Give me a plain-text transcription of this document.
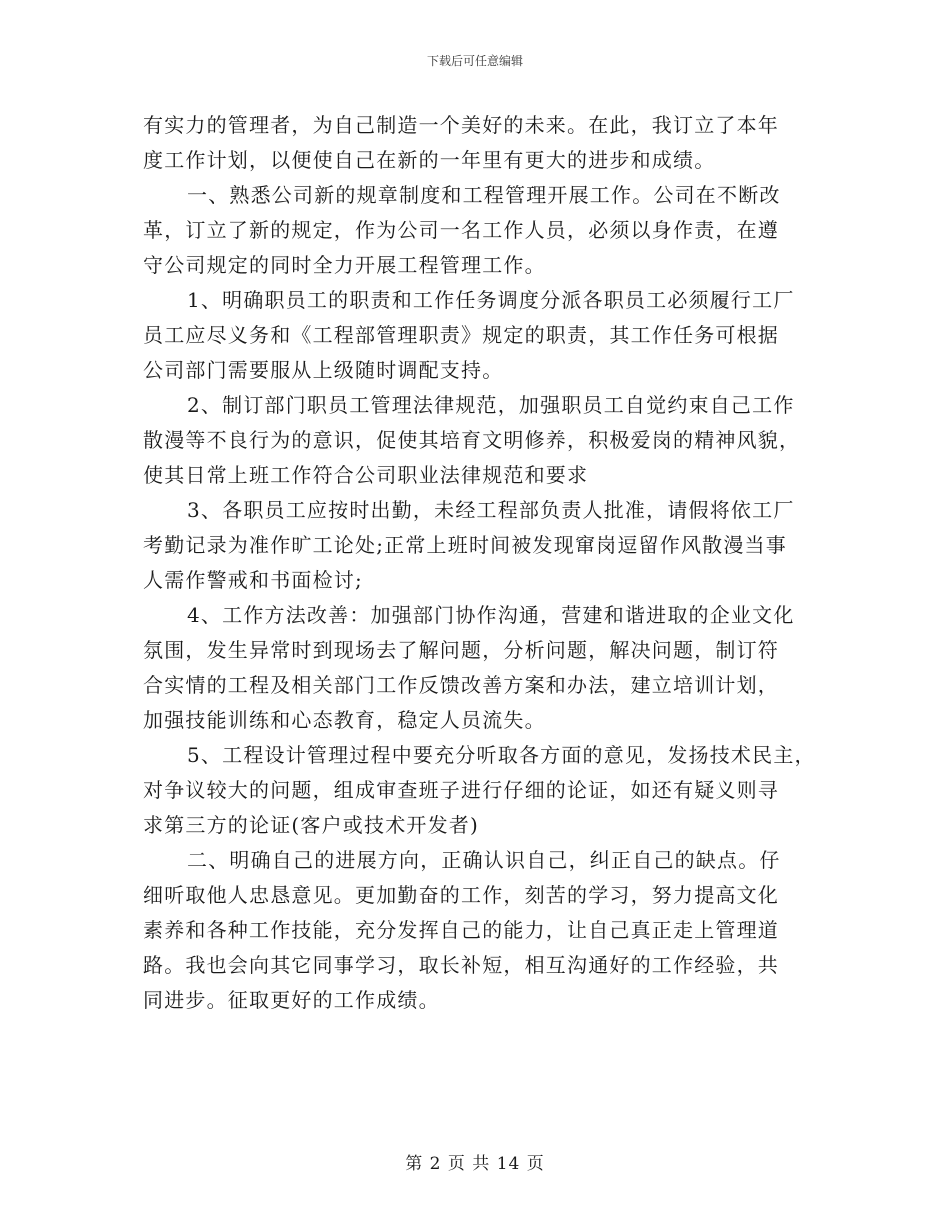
下载后可任意编辑
有实力的管理者，为自己制造一个美好的未来。在此，我订立了本年
度工作计划，以便使自己在新的一年里有更大的进步和成绩。
一、熟悉公司新的规章制度和工程管理开展工作。公司在不断改
革，订立了新的规定，作为公司一名工作人员，必须以身作责，在遵
守公司规定的同时全力开展工程管理工作。
1、明确职员工的职责和工作任务调度分派各职员工必须履行工厂
员工应尽义务和《工程部管理职责》规定的职责，其工作任务可根据
公司部门需要服从上级随时调配支持。
2、制订部门职员工管理法律规范，加强职员工自觉约束自己工作
散漫等不良行为的意识，促使其培育文明修养，积极爱岗的精神风貌，
使其日常上班工作符合公司职业法律规范和要求
3、各职员工应按时出勤，未经工程部负责人批准，请假将依工厂
考勤记录为准作旷工论处;正常上班时间被发现窜岗逗留作风散漫当事
人需作警戒和书面检讨;
4、工作方法改善：加强部门协作沟通，营建和谐进取的企业文化
氛围，发生异常时到现场去了解问题，分析问题，解决问题，制订符
合实情的工程及相关部门工作反馈改善方案和办法，建立培训计划，
加强技能训练和心态教育，稳定人员流失。
5、工程设计管理过程中要充分听取各方面的意见，发扬技术民主，
对争议较大的问题，组成审查班子进行仔细的论证，如还有疑义则寻
求第三方的论证(客户或技术开发者)
二、明确自己的进展方向，正确认识自己，纠正自己的缺点。仔
细听取他人忠恳意见。更加勤奋的工作，刻苦的学习，努力提高文化
素养和各种工作技能，充分发挥自己的能力，让自己真正走上管理道
路。我也会向其它同事学习，取长补短，相互沟通好的工作经验，共
同进步。征取更好的工作成绩。
第 2 页 共 14 页
